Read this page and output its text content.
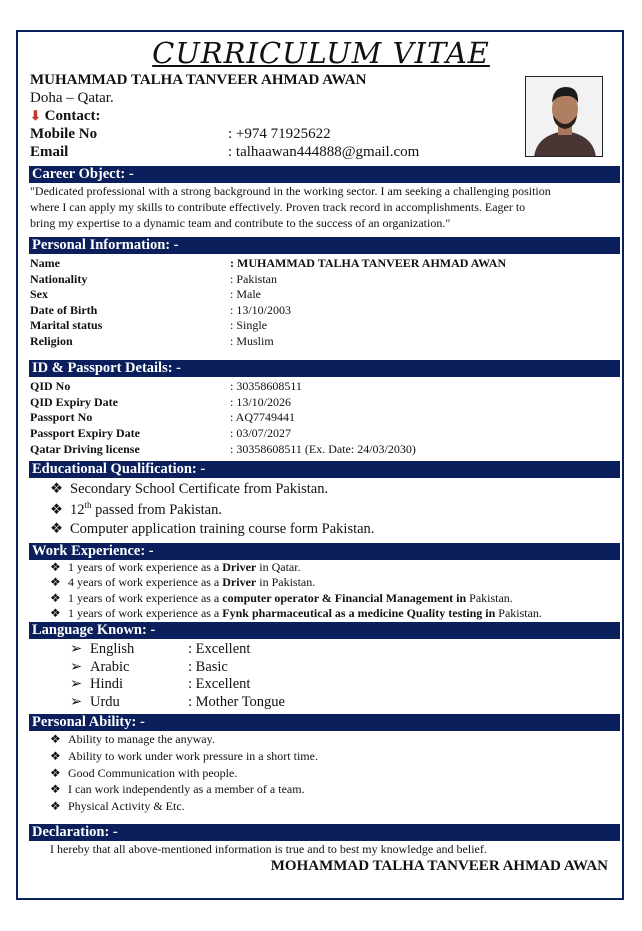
CURRICULUM VITAE
MUHAMMAD TALHA TANVEER AHMAD AWAN
Doha – Qatar.
⬇ Contact:
Mobile No	: +974 71925622
Email	: talhaawan444888@gmail.com
Career Object: -
"Dedicated professional with a strong background in the working sector. I am seeking a challenging position
where I can apply my skills to contribute effectively. Proven track record in accomplishments. Eager to
bring my expertise to a dynamic team and contribute to the success of an organization."
Personal Information: -
Name	: MUHAMMAD TALHA TANVEER AHMAD AWAN
Nationality	: Pakistan
Sex	: Male
Date of Birth	: 13/10/2003
Marital status	: Single
Religion	: Muslim
ID & Passport Details: -
QID No	: 30358608511
QID Expiry Date	: 13/10/2026
Passport No	: AQ7749441
Passport Expiry Date	: 03/07/2027
Qatar Driving license	: 30358608511 (Ex. Date: 24/03/2030)
Educational Qualification: -
❖ Secondary School Certificate from Pakistan.
❖ 12th passed from Pakistan.
❖ Computer application training course form Pakistan.
Work Experience: -
❖ 1 years of work experience as a Driver in Qatar.
❖ 4 years of work experience as a Driver in Pakistan.
❖ 1 years of work experience as a computer operator & Financial Management in Pakistan.
❖ 1 years of work experience as a Fynk pharmaceutical as a medicine Quality testing in Pakistan.
Language Known: -
➢ English	: Excellent
➢ Arabic	: Basic
➢ Hindi	: Excellent
➢ Urdu	: Mother Tongue
Personal Ability: -
❖ Ability to manage the anyway.
❖ Ability to work under work pressure in a short time.
❖ Good Communication with people.
❖ I can work independently as a member of a team.
❖ Physical Activity & Etc.
Declaration: -
I hereby that all above-mentioned information is true and to best my knowledge and belief.
MOHAMMAD TALHA TANVEER AHMAD AWAN
